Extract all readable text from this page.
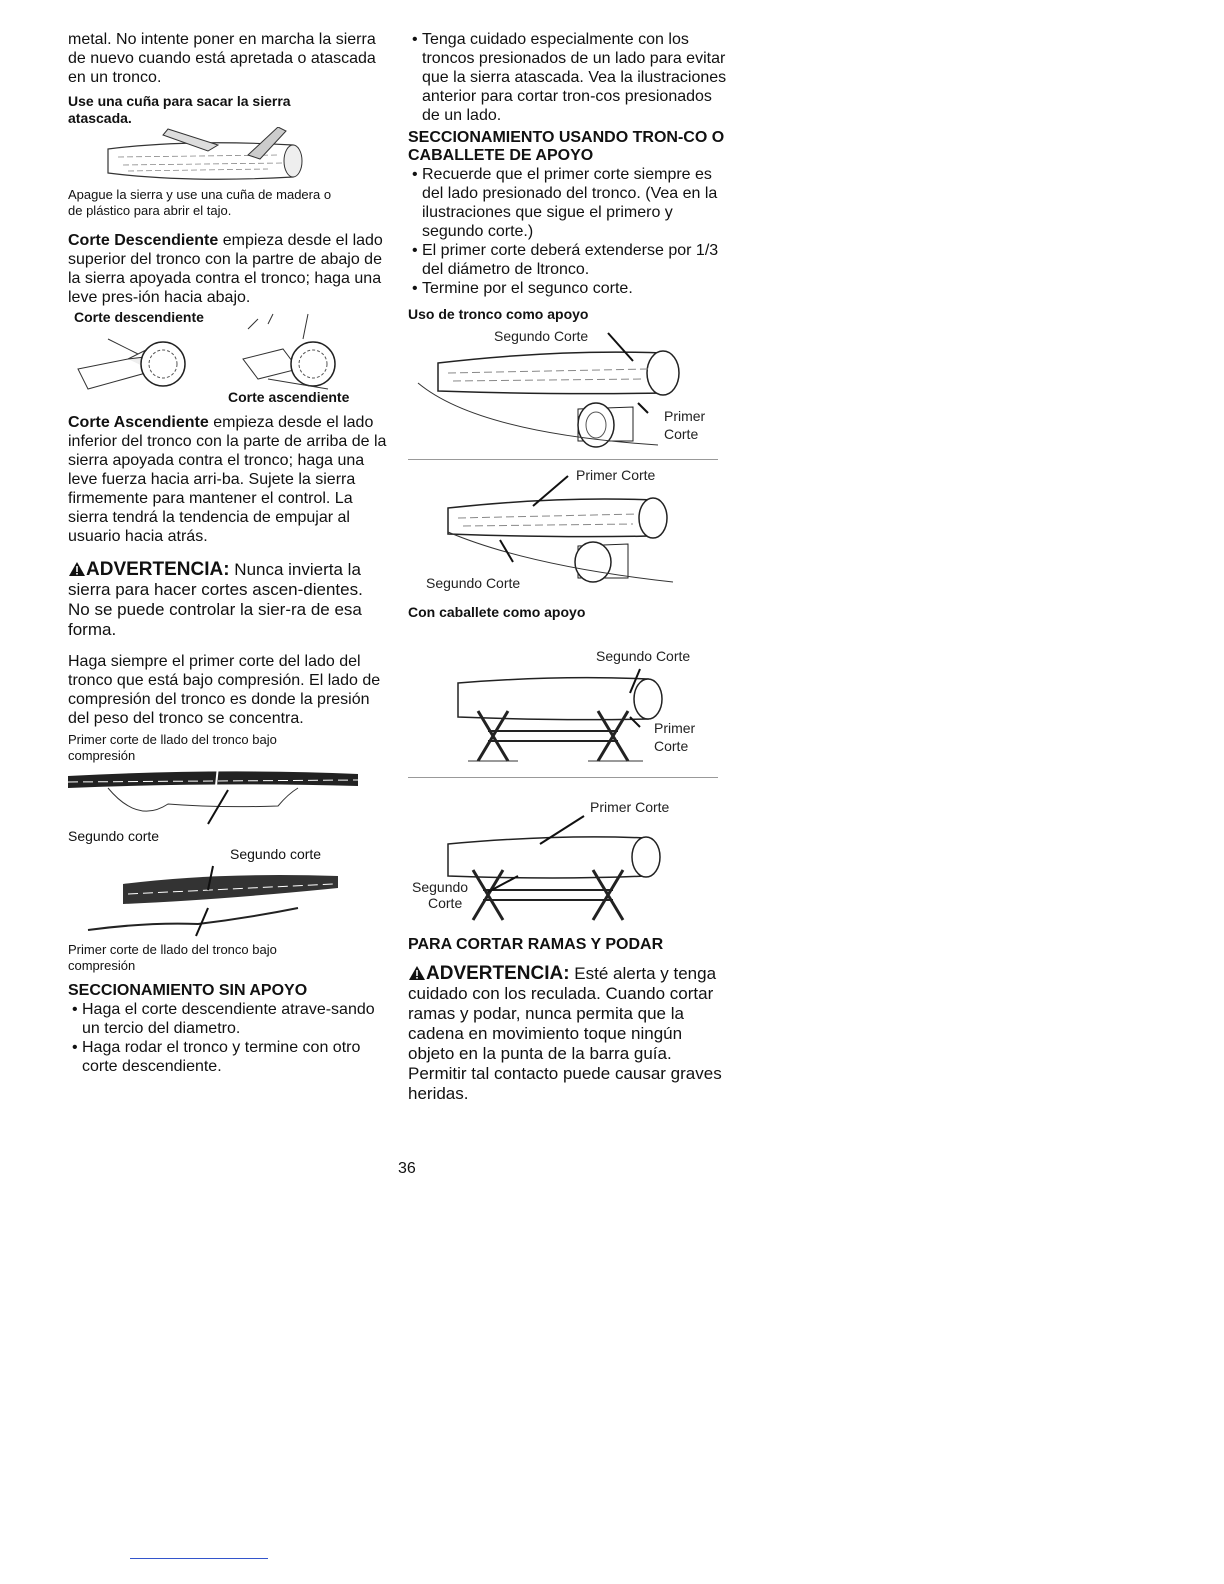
metal. No intente poner en marcha la sierra de nuevo cuando está apretada o atascada en un tronco.

Use una cuña para sacar la sierra atascada.
Apague la sierra y use una cuña de madera o de plástico para abrir el tajo.

Corte Descendiente empieza desde el lado superior del tronco con la partre de abajo de la sierra apoyada contra el tronco; haga una leve pres-ión hacia abajo.

Corte descendiente
Corte ascendiente

Corte Ascendiente empieza desde el lado inferior del tronco con la parte de arriba de la sierra apoyada contra el tronco; haga una leve fuerza hacia arri-ba. Sujete la sierra firmemente para mantener el control. La sierra tendrá la tendencia de empujar al usuario hacia atrás.

ADVERTENCIA: Nunca invierta la sierra para hacer cortes ascen-dientes. No se puede controlar la sier-ra de esa forma.

Haga siempre el primer corte del lado del tronco que está bajo compresión. El lado de compresión del tronco es donde la presión del peso del tronco se concentra.

Primer corte de llado del tronco bajo compresión
Segundo corte
Segundo corte
Primer corte de llado del tronco bajo compresión
SECCIONAMIENTO SIN APOYO
• Haga el corte descendiente atrave-sando un tercio del diametro.
• Haga rodar el tronco y termine con otro corte descendiente.
• Tenga cuidado especialmente con los troncos presionados de un lado para evitar que la sierra atascada. Vea la ilustraciones anterior para cortar tron-cos presionados de un lado.
SECCIONAMIENTO USANDO TRON-CO O CABALLETE DE APOYO
• Recuerde que el primer corte siempre es del lado presionado del tronco. (Vea en la ilustraciones que sigue el primero y segundo corte.)
• El primer corte deberá extenderse por 1/3 del diámetro de ltronco.
• Termine por el segunco corte.
Uso de tronco como apoyo
Segundo Corte
Primer
Corte
Primer Corte
Segundo Corte
Con caballete como apoyo
Segundo Corte
Primer
Corte
Primer Corte
Segundo
Corte
PARA CORTAR RAMAS Y PODAR

ADVERTENCIA: Esté alerta y tenga cuidado con los reculada. Cuando cortar ramas y podar, nunca permita que la cadena en movimiento toque ningún objeto en la punta de la barra guía. Permitir tal contacto puede causar graves heridas.

36
